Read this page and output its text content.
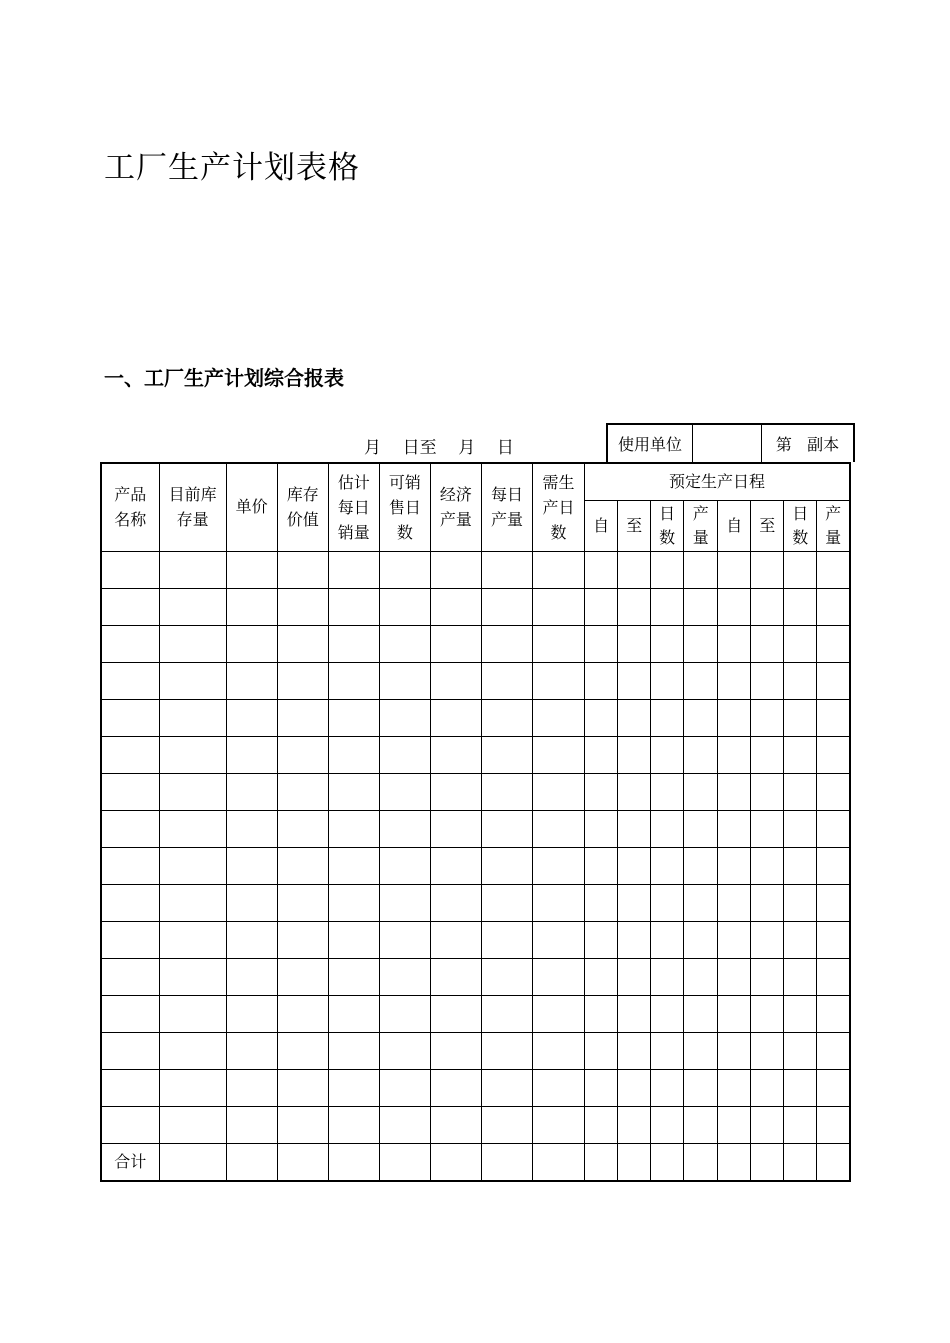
工厂生产计划表格
一、工厂生产计划综合报表
月    日至    月    日	使用单位	第   副本
产品名称	目前库存量	单价	库存价值	估计每日销量	可销售日数	经济产量	每日产量	需生产日数	预定生产日程							
									自	至	日数	产量	自	至	日数	产量

合计																
